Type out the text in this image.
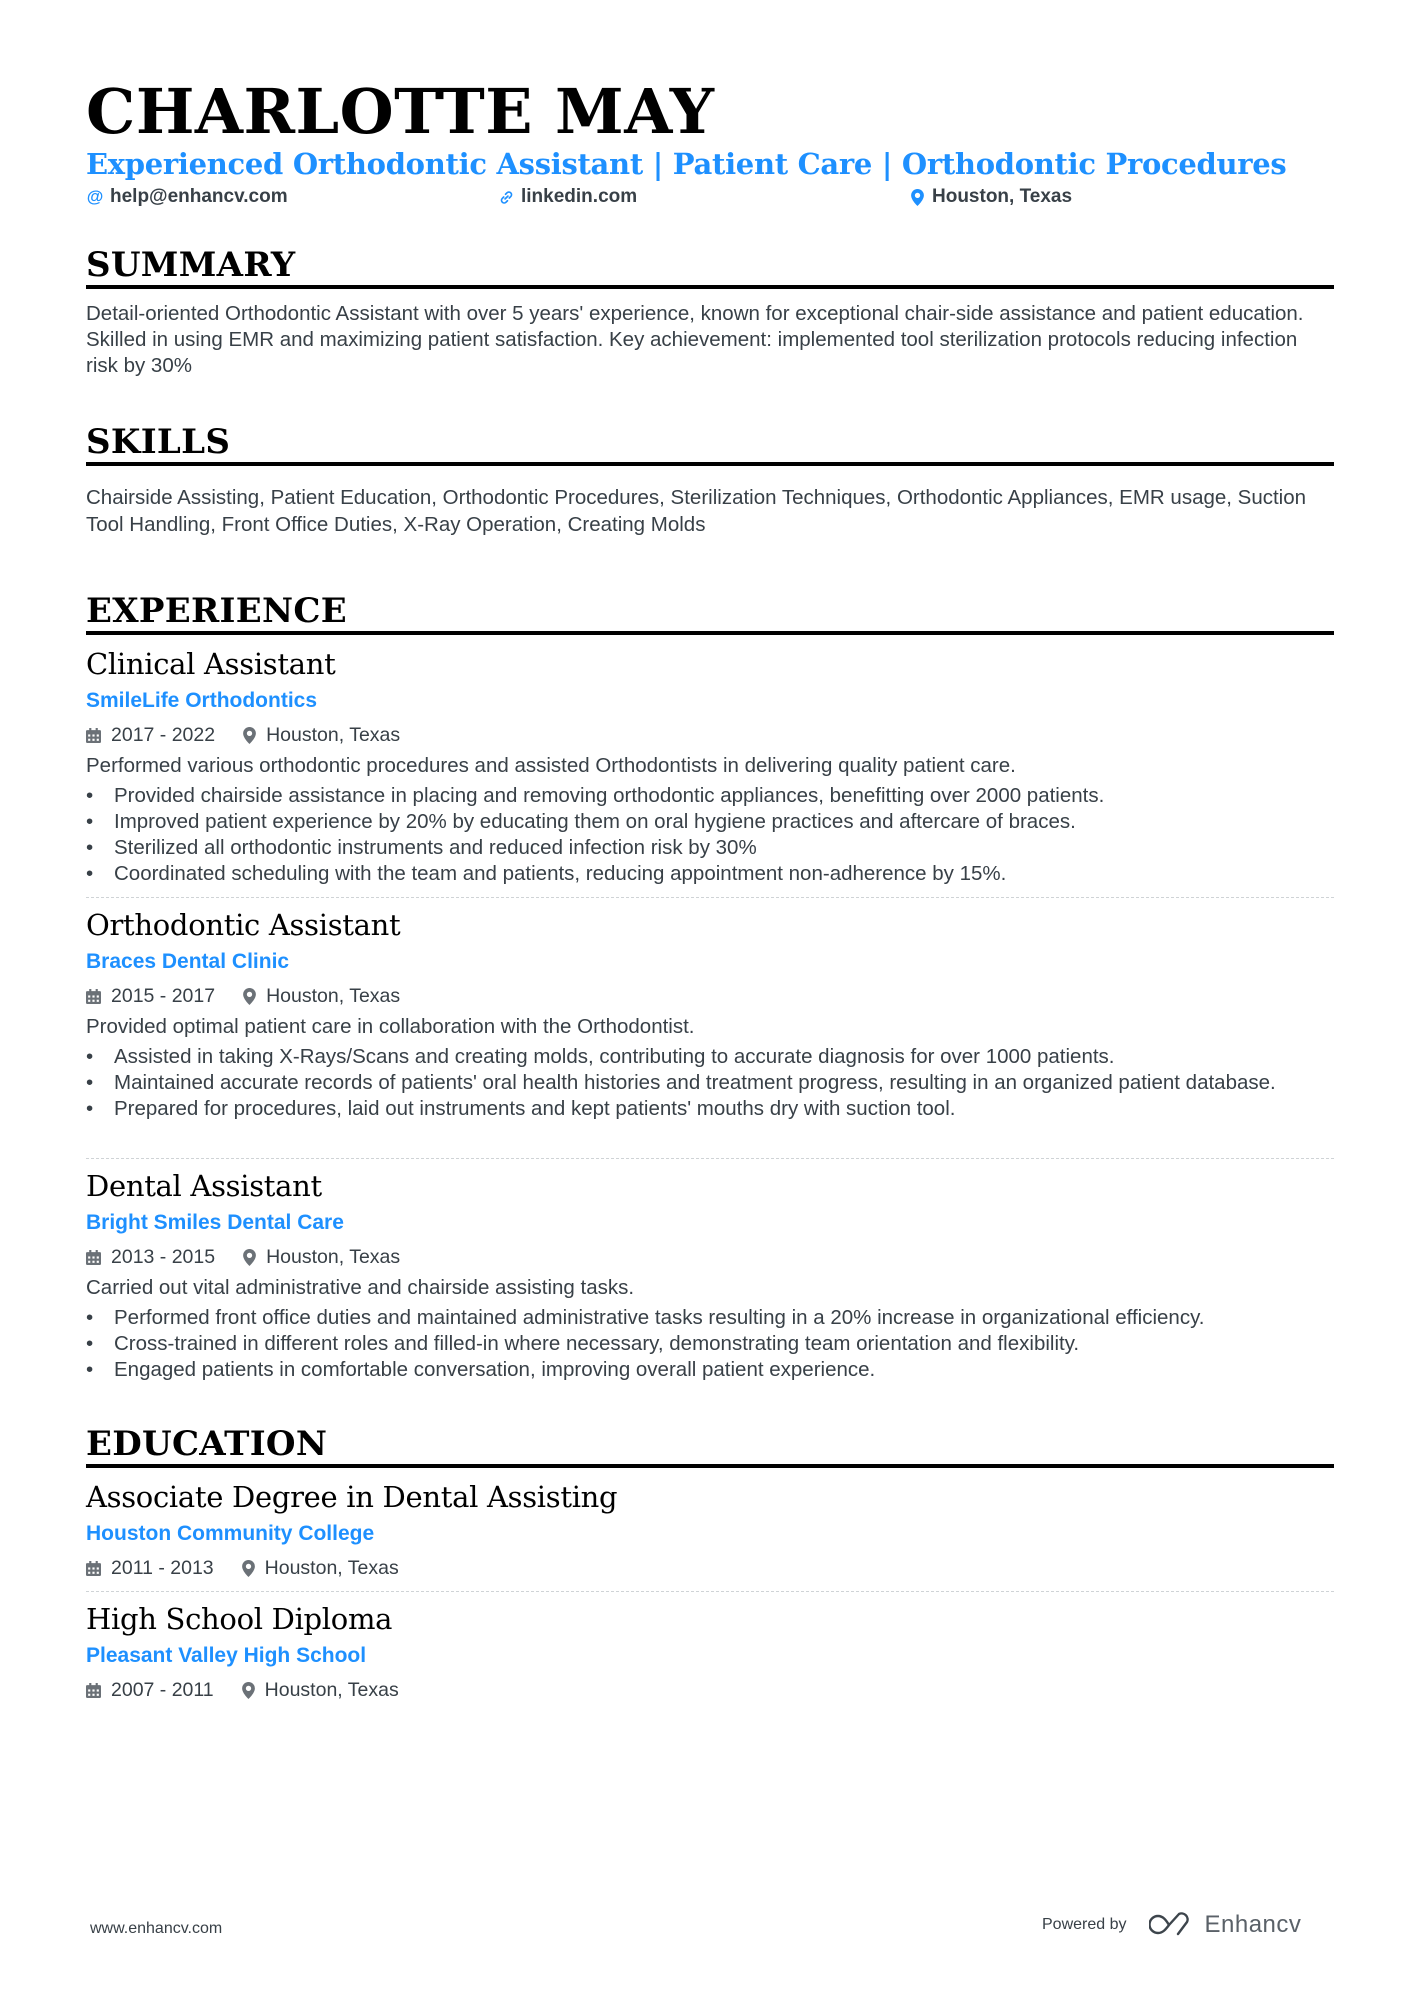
CHARLOTTE MAY
Experienced Orthodontic Assistant | Patient Care | Orthodontic Procedures
@ help@enhancv.com	linkedin.com	Houston, Texas
SUMMARY
Detail-oriented Orthodontic Assistant with over 5 years' experience, known for exceptional chair-side assistance and patient education. Skilled in using EMR and maximizing patient satisfaction. Key achievement: implemented tool sterilization protocols reducing infection risk by 30%
SKILLS
Chairside Assisting, Patient Education, Orthodontic Procedures, Sterilization Techniques, Orthodontic Appliances, EMR usage, Suction Tool Handling, Front Office Duties, X-Ray Operation, Creating Molds
EXPERIENCE
Clinical Assistant
SmileLife Orthodontics
2017 - 2022	Houston, Texas
Performed various orthodontic procedures and assisted Orthodontists in delivering quality patient care.
• Provided chairside assistance in placing and removing orthodontic appliances, benefitting over 2000 patients.
• Improved patient experience by 20% by educating them on oral hygiene practices and aftercare of braces.
• Sterilized all orthodontic instruments and reduced infection risk by 30%
• Coordinated scheduling with the team and patients, reducing appointment non-adherence by 15%.
Orthodontic Assistant
Braces Dental Clinic
2015 - 2017	Houston, Texas
Provided optimal patient care in collaboration with the Orthodontist.
• Assisted in taking X-Rays/Scans and creating molds, contributing to accurate diagnosis for over 1000 patients.
• Maintained accurate records of patients' oral health histories and treatment progress, resulting in an organized patient database.
• Prepared for procedures, laid out instruments and kept patients' mouths dry with suction tool.
Dental Assistant
Bright Smiles Dental Care
2013 - 2015	Houston, Texas
Carried out vital administrative and chairside assisting tasks.
• Performed front office duties and maintained administrative tasks resulting in a 20% increase in organizational efficiency.
• Cross-trained in different roles and filled-in where necessary, demonstrating team orientation and flexibility.
• Engaged patients in comfortable conversation, improving overall patient experience.
EDUCATION
Associate Degree in Dental Assisting
Houston Community College
2011 - 2013	Houston, Texas
High School Diploma
Pleasant Valley High School
2007 - 2011	Houston, Texas
www.enhancv.com	Powered by	Enhancv
